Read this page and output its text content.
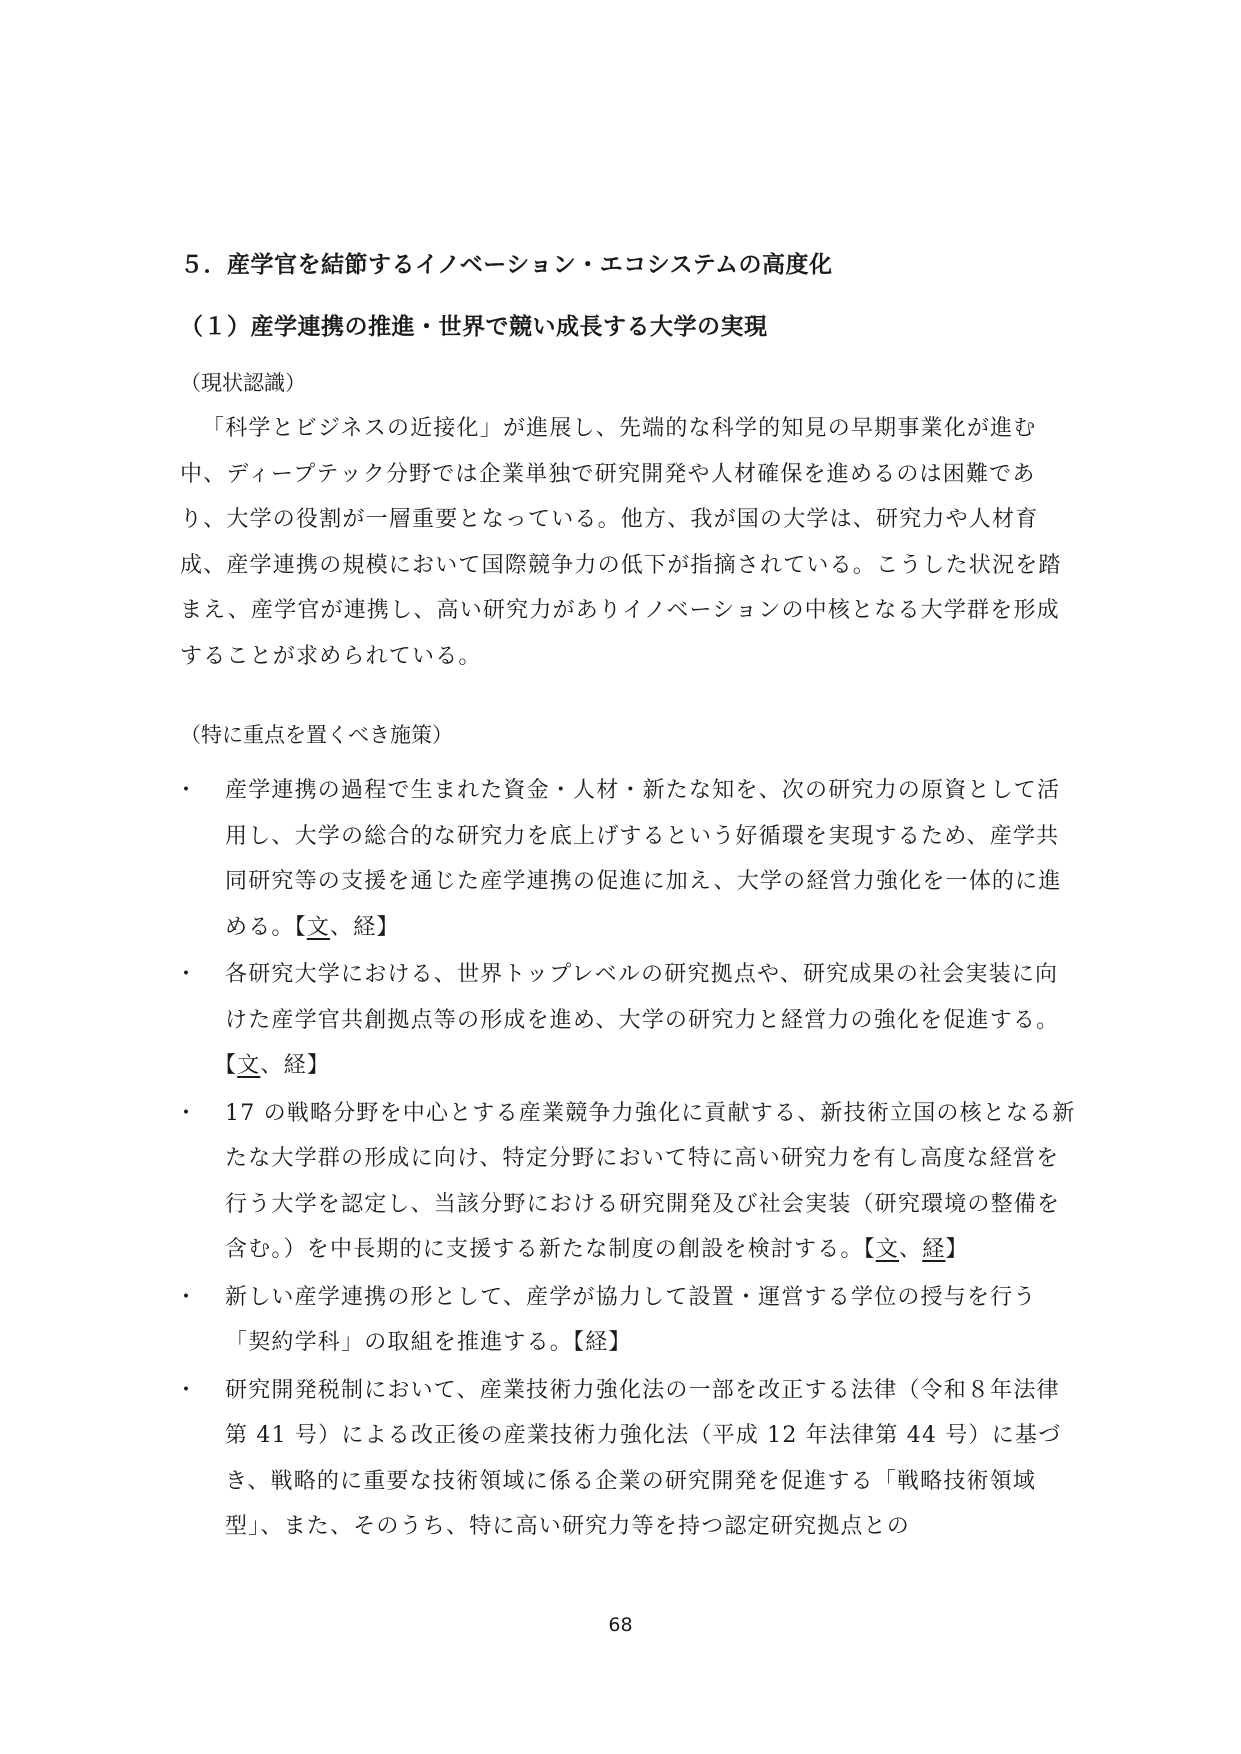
５．産学官を結節するイノベーション・エコシステムの高度化
（１）産学連携の推進・世界で競い成長する大学の実現
（現状認識）

「科学とビジネスの近接化」が進展し、先端的な科学的知見の早期事業化が進む中、ディープテック分野では企業単独で研究開発や人材確保を進めるのは困難であり、大学の役割が一層重要となっている。他方、我が国の大学は、研究力や人材育成、産学連携の規模において国際競争力の低下が指摘されている。こうした状況を踏まえ、産学官が連携し、高い研究力がありイノベーションの中核となる大学群を形成することが求められている。

（特に重点を置くべき施策）
・ 産学連携の過程で生まれた資金・人材・新たな知を、次の研究力の原資として活用し、大学の総合的な研究力を底上げするという好循環を実現するため、産学共同研究等の支援を通じた産学連携の促進に加え、大学の経営力強化を一体的に進める。【文、経】
・ 各研究大学における、世界トップレベルの研究拠点や、研究成果の社会実装に向けた産学官共創拠点等の形成を進め、大学の研究力と経営力の強化を促進する。【文、経】
・ 17 の戦略分野を中心とする産業競争力強化に貢献する、新技術立国の核となる新たな大学群の形成に向け、特定分野において特に高い研究力を有し高度な経営を行う大学を認定し、当該分野における研究開発及び社会実装（研究環境の整備を含む。）を中長期的に支援する新たな制度の創設を検討する。【文、経】
・ 新しい産学連携の形として、産学が協力して設置・運営する学位の授与を行う「契約学科」の取組を推進する。【経】
・ 研究開発税制において、産業技術力強化法の一部を改正する法律（令和８年法律第 41 号）による改正後の産業技術力強化法（平成 12 年法律第 44 号）に基づき、戦略的に重要な技術領域に係る企業の研究開発を促進する「戦略技術領域型」、また、そのうち、特に高い研究力等を持つ認定研究拠点との
68
